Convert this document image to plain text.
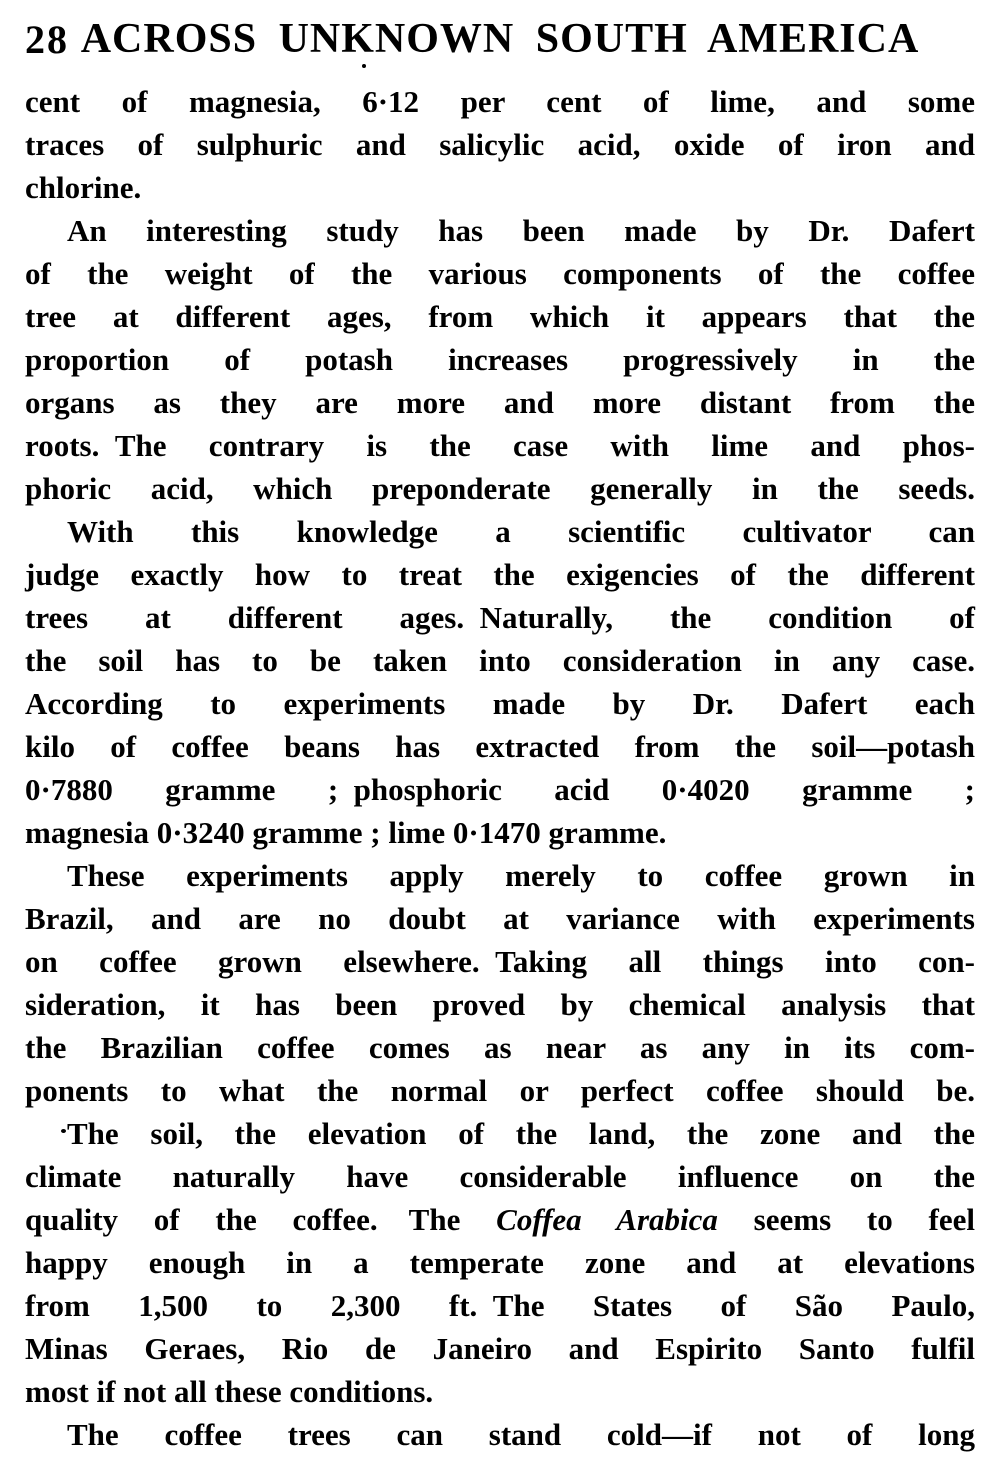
28 ACROSS UNKNOWN SOUTH AMERICA
cent of magnesia, 6·12 per cent of lime, and some
traces of sulphuric and salicylic acid, oxide of iron and
chlorine.
An interesting study has been made by Dr. Dafert
of the weight of the various components of the coffee
tree at different ages, from which it appears that the
proportion of potash increases progressively in the
organs as they are more and more distant from the
roots. The contrary is the case with lime and phos-
phoric acid, which preponderate generally in the seeds.
With this knowledge a scientific cultivator can
judge exactly how to treat the exigencies of the different
trees at different ages. Naturally, the condition of
the soil has to be taken into consideration in any case.
According to experiments made by Dr. Dafert each
kilo of coffee beans has extracted from the soil—potash
0·7880 gramme ; phosphoric acid 0·4020 gramme ;
magnesia 0·3240 gramme ; lime 0·1470 gramme.
These experiments apply merely to coffee grown in
Brazil, and are no doubt at variance with experiments
on coffee grown elsewhere. Taking all things into con-
sideration, it has been proved by chemical analysis that
the Brazilian coffee comes as near as any in its com-
ponents to what the normal or perfect coffee should be.
The soil, the elevation of the land, the zone and the
climate naturally have considerable influence on the
quality of the coffee. The Coffea Arabica seems to feel
happy enough in a temperate zone and at elevations
from 1,500 to 2,300 ft. The States of São Paulo,
Minas Geraes, Rio de Janeiro and Espirito Santo fulfil
most if not all these conditions.
The coffee trees can stand cold—if not of long
